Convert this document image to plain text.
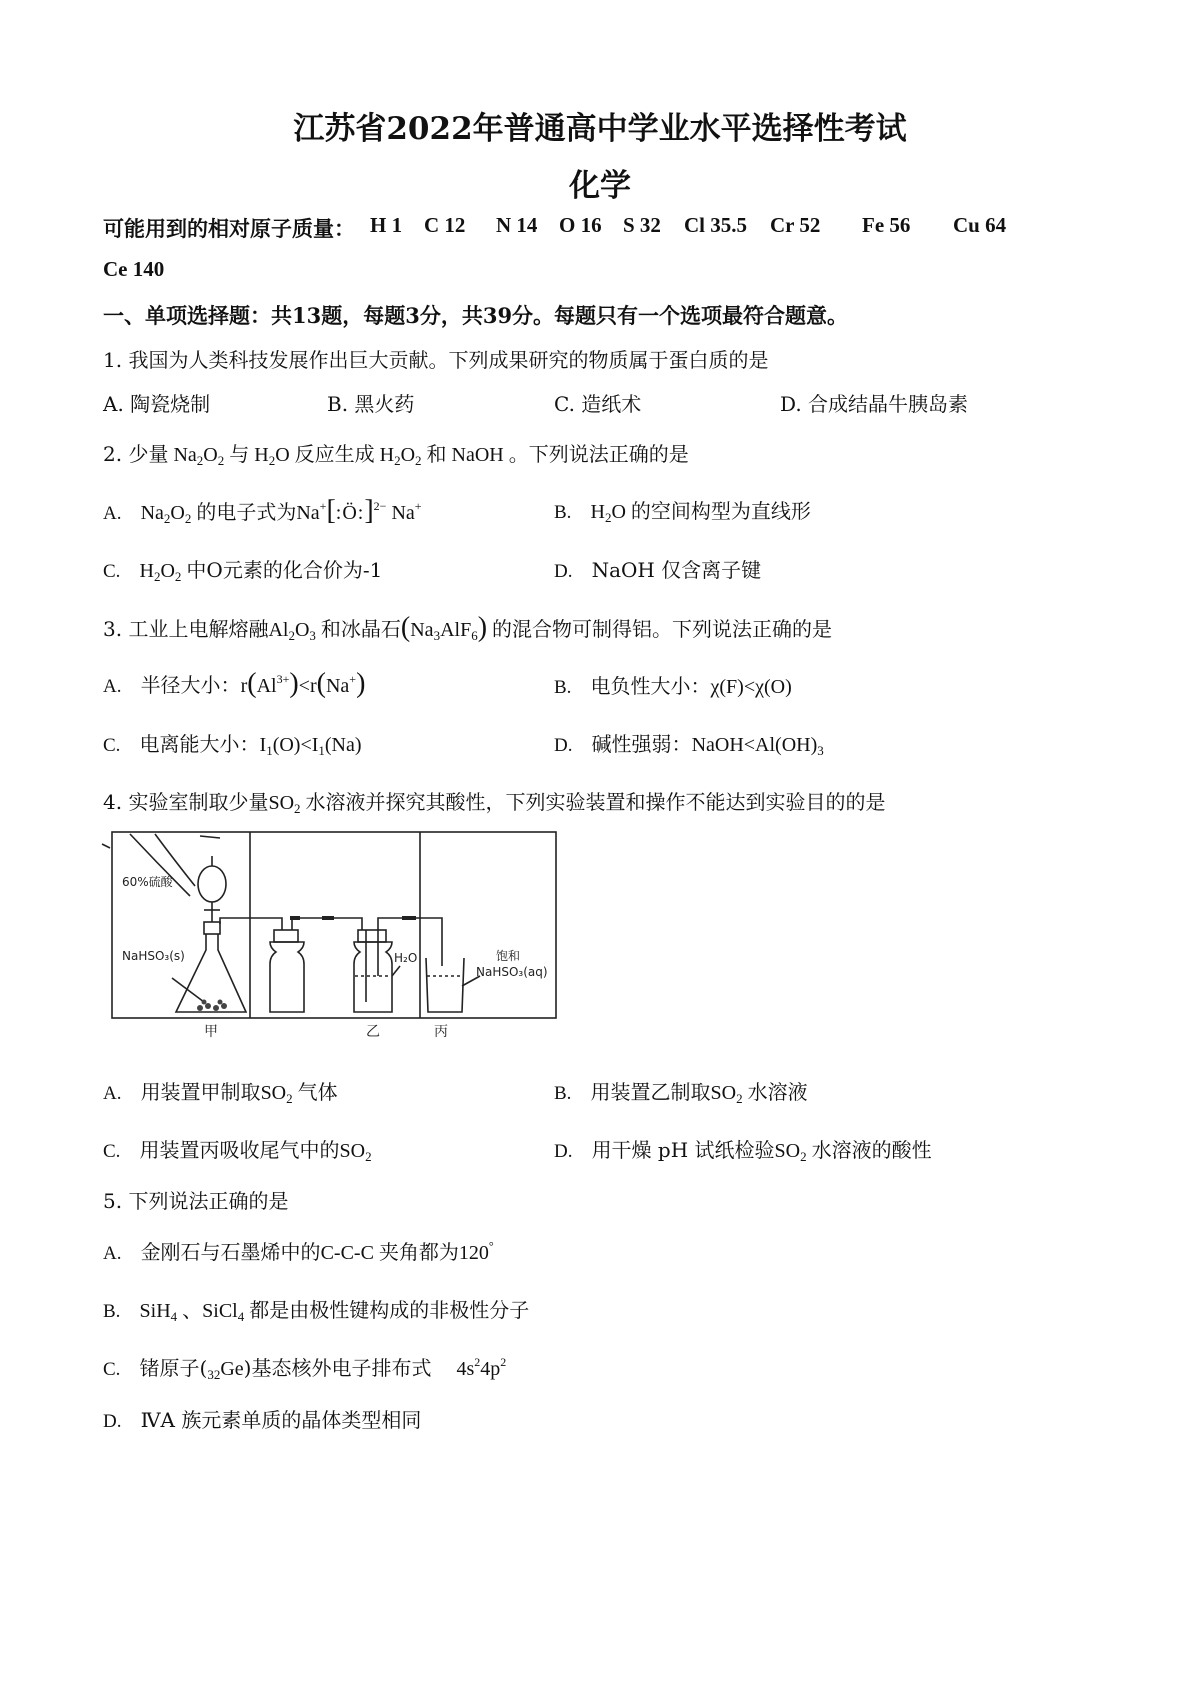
江苏省2022年普通高中学业水平选择性考试
化学
可能用到的相对原子质量： H 1 C 12 N 14 O 16 S 32 Cl 35.5 Cr 52 Fe 56 Cu 64
Ce 140
一、单项选择题：共13题，每题3分，共39分。每题只有一个选项最符合题意。
1. 我国为人类科技发展作出巨大贡献。下列成果研究的物质属于蛋白质的是
A. 陶瓷烧制	B. 黑火药	C. 造纸术	D. 合成结晶牛胰岛素
2. 少量 $Na_2O_2$ 与 $H_2O$ 反应生成 $H_2O_2$ 和 NaOH 。下列说法正确的是
A. $Na_2O_2$ 的电子式为Na+[:Ö:]$^{2-}$ Na+	B. $H_2O$ 的空间构型为直线形
C. $H_2O_2$ 中O元素的化合价为-1	D. NaOH 仅含离子键
3. 工业上电解熔融$Al_2O_3$ 和冰晶石$(Na_3AlF_6)$ 的混合物可制得铝。下列说法正确的是
A. 半径大小：$r(Al^{3+})<r(Na^+)$	B. 电负性大小：χ(F)<χ(O)
C. 电离能大小：$I_1(O)<I_1(Na)$	D. 碱性强弱：$NaOH<Al(OH)_3$
4. 实验室制取少量$SO_2$ 水溶液并探究其酸性，下列实验装置和操作不能达到实验目的的是
60%硫酸
NaHSO₃(s)	H₂O	饱和
NaHSO₃(aq)
甲	乙	丙
A. 用装置甲制取$SO_2$ 气体	B. 用装置乙制取$SO_2$ 水溶液
C. 用装置丙吸收尾气中的$SO_2$	D. 用干燥 pH 试纸检验$SO_2$ 水溶液的酸性
5. 下列说法正确的是
A. 金刚石与石墨烯中的C-C-C 夹角都为120°
B. SiH$_4$ 、SiCl$_4$ 都是由极性键构成的非极性分子
C. 锗原子$(_{32}Ge)$基态核外电子排布式     $4s^24p^2$
D. ⅣA 族元素单质的晶体类型相同
